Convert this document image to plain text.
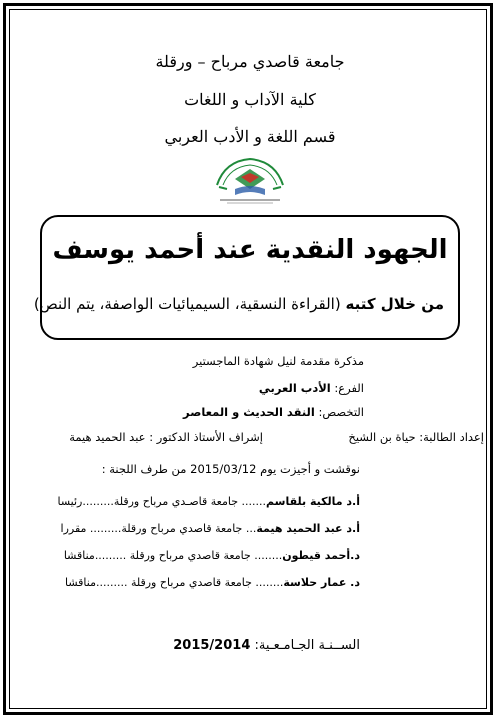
جامعة قاصدي مرباح – ورقلة
كلية الآداب و اللغات
قسم اللغة و الأدب العربي
الجهود النقدية عند أحمد يوسف
من خلال كتبه (القراءة النسقية، السيميائيات الواصفة، يتم النص)
مذكرة مقدمة لنيل شهادة الماجستير
الفرع: الأدب العربي
التخصص: النقد الحديث و المعاصر
إعداد الطالبة: حياة بن الشيخ
إشراف الأستاذ الدكتور : عبد الحميد هيمة
نوقشت و أجيزت يوم 2015/03/12 من طرف اللجنة :
أ.د مالكية بلقاسم....... جامعة قاصـدي مرباح ورقلة.........رئيسا
أ.د عبد الحميد هيمة... جامعة قاصدي مرباح ورقلة......... مقررا
د.أحمد قيطون........ جامعة قاصدي مرباح ورقلة .........مناقشا
د. عمار حلاسة........ جامعة قاصدي مرباح ورقلة .........مناقشا
الســنـة الجـامـعـية: 2015/2014
